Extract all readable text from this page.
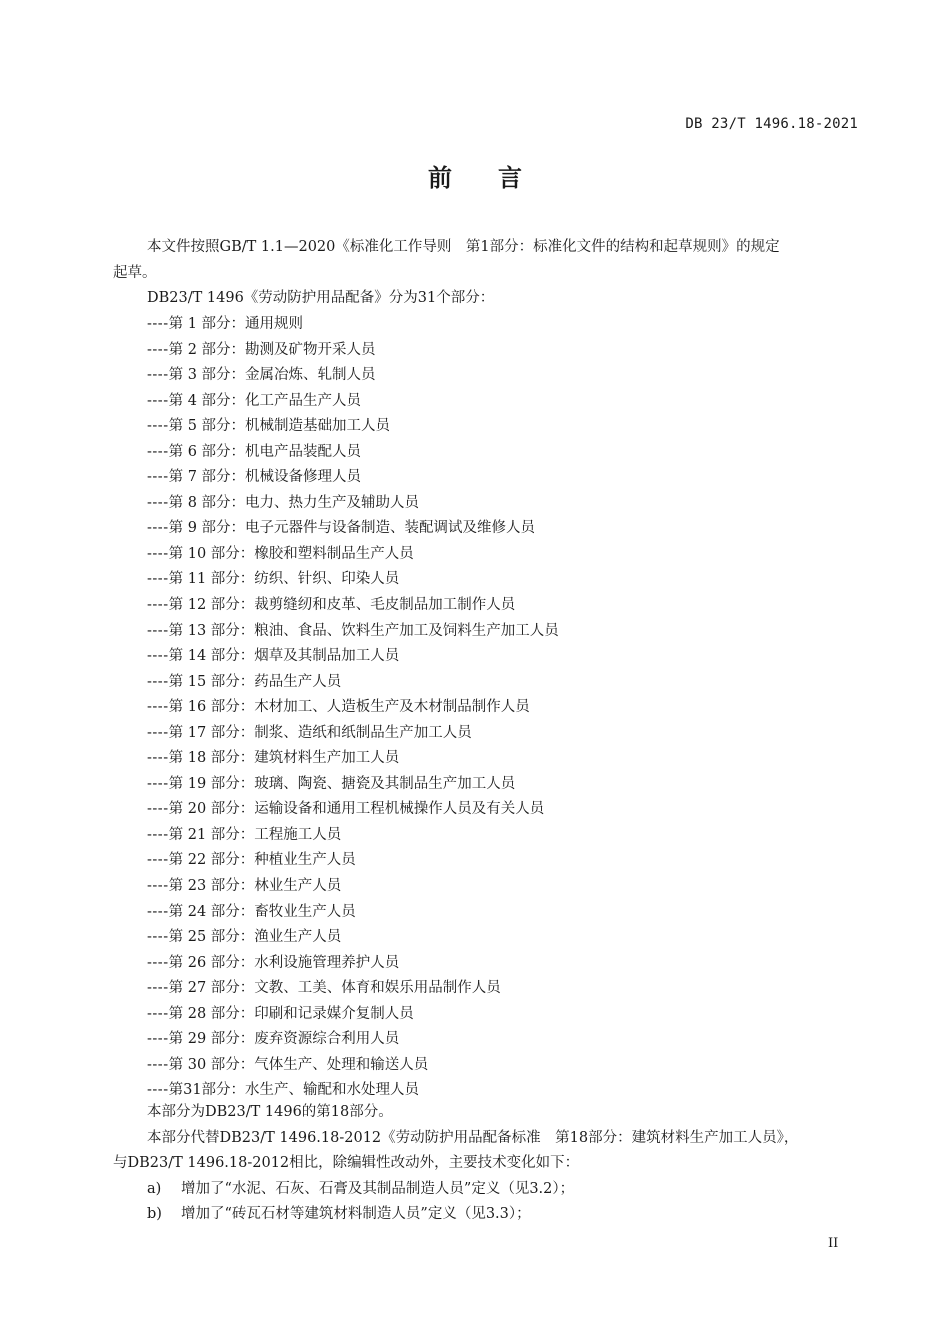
DB 23/T 1496.18-2021
前言
本文件按照GB/T 1.1—2020《标准化工作导则　第1部分：标准化文件的结构和起草规则》的规定
起草。
DB23/T 1496《劳动防护用品配备》分为31个部分：
----第 1 部分：通用规则
----第 2 部分：勘测及矿物开采人员
----第 3 部分：金属冶炼、轧制人员
----第 4 部分：化工产品生产人员
----第 5 部分：机械制造基础加工人员
----第 6 部分：机电产品装配人员
----第 7 部分：机械设备修理人员
----第 8 部分：电力、热力生产及辅助人员
----第 9 部分：电子元器件与设备制造、装配调试及维修人员
----第 10 部分：橡胶和塑料制品生产人员
----第 11 部分：纺织、针织、印染人员
----第 12 部分：裁剪缝纫和皮革、毛皮制品加工制作人员
----第 13 部分：粮油、食品、饮料生产加工及饲料生产加工人员
----第 14 部分：烟草及其制品加工人员
----第 15 部分：药品生产人员
----第 16 部分：木材加工、人造板生产及木材制品制作人员
----第 17 部分：制浆、造纸和纸制品生产加工人员
----第 18 部分：建筑材料生产加工人员
----第 19 部分：玻璃、陶瓷、搪瓷及其制品生产加工人员
----第 20 部分：运输设备和通用工程机械操作人员及有关人员
----第 21 部分：工程施工人员
----第 22 部分：种植业生产人员
----第 23 部分：林业生产人员
----第 24 部分：畜牧业生产人员
----第 25 部分：渔业生产人员
----第 26 部分：水利设施管理养护人员
----第 27 部分：文教、工美、体育和娱乐用品制作人员
----第 28 部分：印刷和记录媒介复制人员
----第 29 部分：废弃资源综合利用人员
----第 30 部分：气体生产、处理和输送人员
----第31部分：水生产、输配和水处理人员

本部分为DB23/T 1496的第18部分。

本部分代替DB23/T 1496.18-2012《劳动防护用品配备标准　第18部分：建筑材料生产加工人员》，

与DB23/T 1496.18-2012相比，除编辑性改动外，主要技术变化如下：

a) 增加了“水泥、石灰、石膏及其制品制造人员”定义（见3.2）；
b) 增加了“砖瓦石材等建筑材料制造人员”定义（见3.3）；
II
